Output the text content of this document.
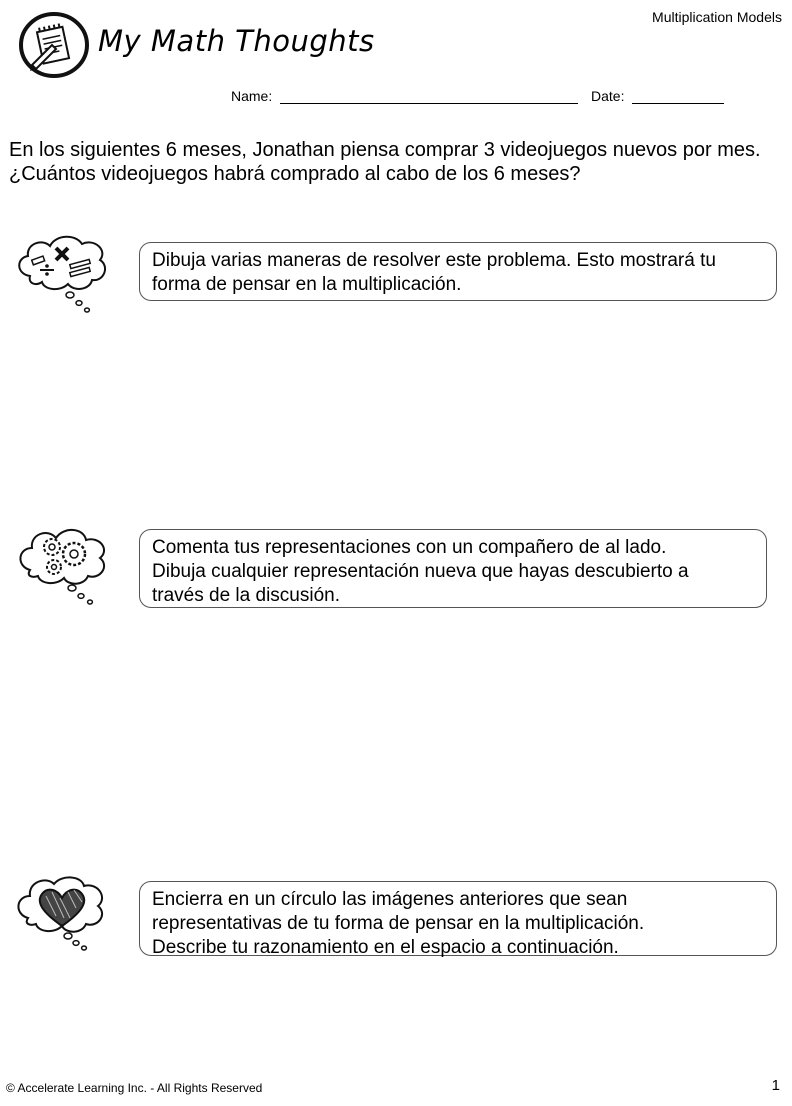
Multiplication Models
My Math Thoughts
Name:	Date:

En los siguientes 6 meses, Jonathan piensa comprar 3 videojuegos nuevos por mes.

¿Cuántos videojuegos habrá comprado al cabo de los 6 meses?

Dibuja varias maneras de resolver este problema. Esto mostrará tu

forma de pensar en la multiplicación.

Comenta tus representaciones con un compañero de al lado.

Dibuja cualquier representación nueva que hayas descubierto a

través de la discusión.

Encierra en un círculo las imágenes anteriores que sean

representativas de tu forma de pensar en la multiplicación.

Describe tu razonamiento en el espacio a continuación.

© Accelerate Learning Inc. - All Rights Reserved	1
